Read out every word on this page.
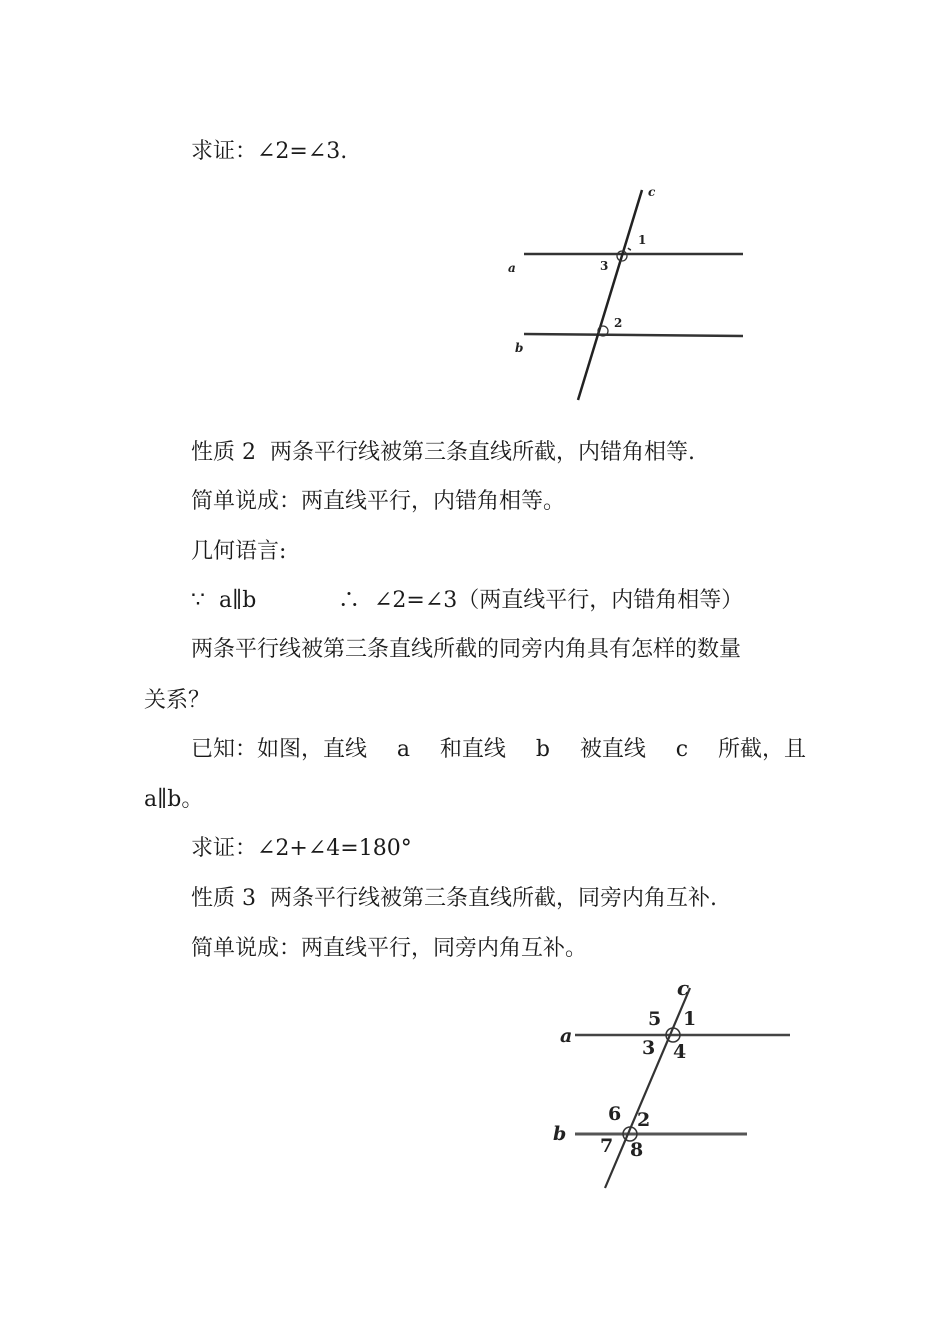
求证：∠2=∠3.
c
a
b
1
3
2
性质 2  两条平行线被第三条直线所截，内错角相等.
简单说成：两直线平行，内错角相等。
几何语言:
∵  a∥b	∴  ∠2=∠3（两直线平行，内错角相等）
两条平行线被第三条直线所截的同旁内角具有怎样的数量
关系？
已知：如图，直线 a 和直线 b 被直线 c 所截，且
a∥b。
求证：∠2+∠4=180°
性质 3  两条平行线被第三条直线所截，同旁内角互补.
简单说成：两直线平行，同旁内角互补。
c
a
b
5 1
3 4
6 2
7 8
